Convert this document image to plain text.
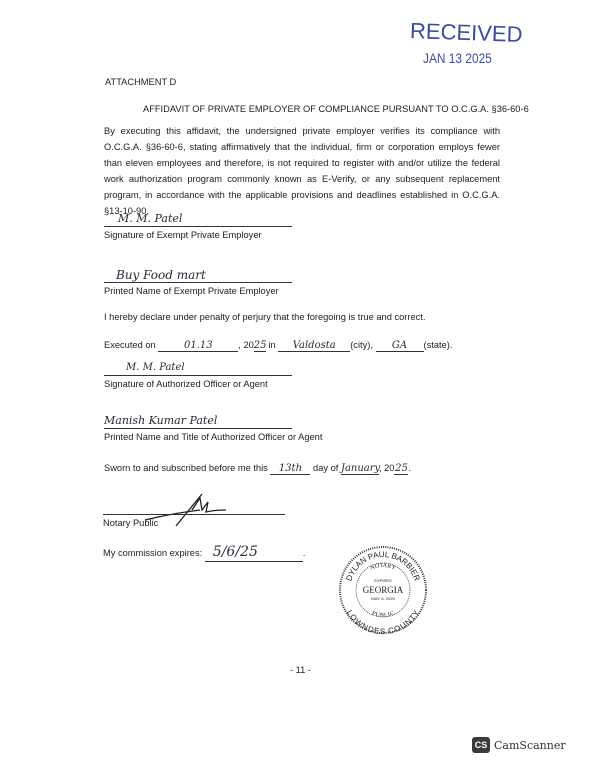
RECEIVED
JAN 13 2025
ATTACHMENT D
AFFIDAVIT OF PRIVATE EMPLOYER OF COMPLIANCE PURSUANT TO O.C.G.A. §36-60-6
By executing this affidavit, the undersigned private employer verifies its compliance with O.C.G.A. §36-60-6, stating affirmatively that the individual, firm or corporation employs fewer than eleven employees and therefore, is not required to register with and/or utilize the federal work authorization program commonly known as E-Verify, or any subsequent replacement program, in accordance with the applicable provisions and deadlines established in O.C.G.A. §13-10-90.
M. M. Patel
Signature of Exempt Private Employer
Buy Food mart
Printed Name of Exempt Private Employer
I hereby declare under penalty of perjury that the foregoing is true and correct.
Executed on	01.13	, 2025 in Valdosta (city), GA (state).
M. M. Patel
Signature of Authorized Officer or Agent
Manish Kumar Patel
Printed Name and Title of Authorized Officer or Agent
Sworn to and subscribed before me this 13th day of January, 2025.
Notary Public
My commission expires: 5/6/25	.
DYLAN PAUL BARBIER
LOWNDES COUNTY
NOTARY
PUBLIC
EXPIRES
GEORGIA
MAY. 6, 2025
- 11 -
CS CamScanner
